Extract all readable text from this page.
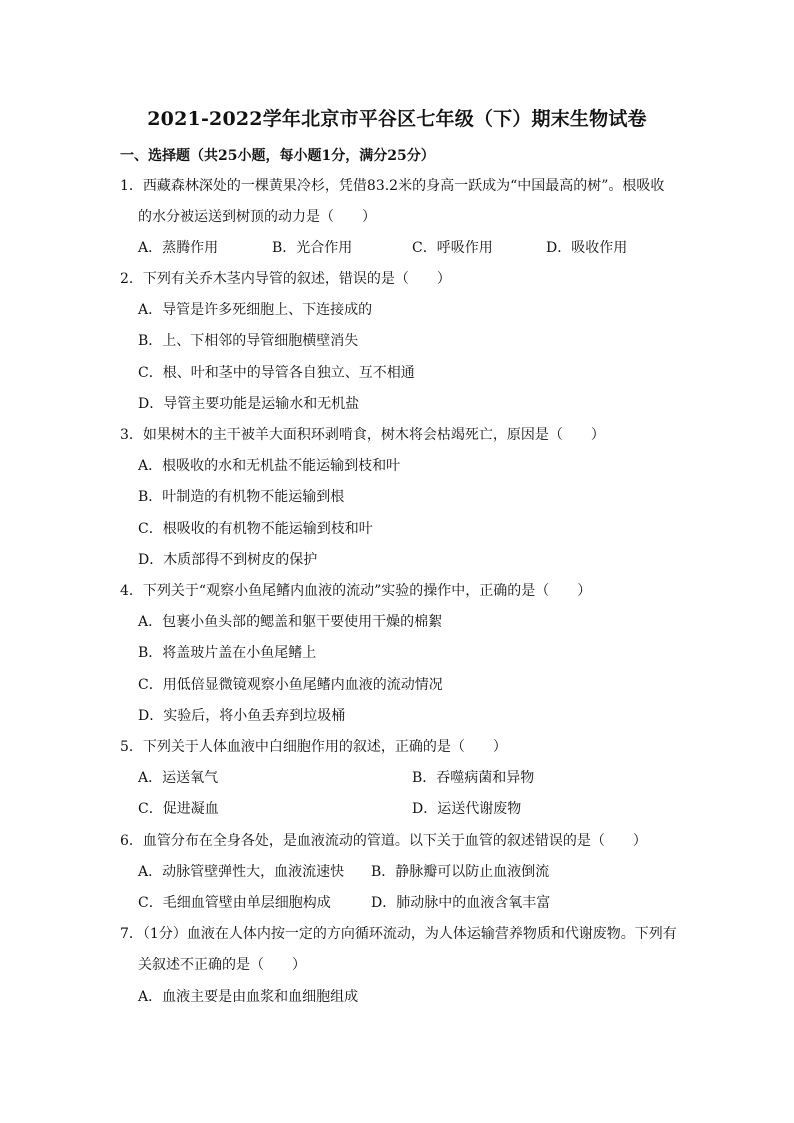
2021-2022学年北京市平谷区七年级（下）期末生物试卷
一、选择题（共25小题，每小题1分，满分25分）
1．西藏森林深处的一棵黄果冷杉，凭借83.2米的身高一跃成为“中国最高的树”。根吸收
的水分被运送到树顶的动力是（　　）
A．蒸腾作用	B．光合作用	C．呼吸作用	D．吸收作用
2．下列有关乔木茎内导管的叙述，错误的是（　　）
A．导管是许多死细胞上、下连接成的
B．上、下相邻的导管细胞横壁消失
C．根、叶和茎中的导管各自独立、互不相通
D．导管主要功能是运输水和无机盐
3．如果树木的主干被羊大面积环剥啃食，树木将会枯竭死亡，原因是（　　）
A．根吸收的水和无机盐不能运输到枝和叶
B．叶制造的有机物不能运输到根
C．根吸收的有机物不能运输到枝和叶
D．木质部得不到树皮的保护
4．下列关于“观察小鱼尾鳍内血液的流动”实验的操作中，正确的是（　　）
A．包裹小鱼头部的鳃盖和躯干要使用干燥的棉絮
B．将盖玻片盖在小鱼尾鳍上
C．用低倍显微镜观察小鱼尾鳍内血液的流动情况
D．实验后，将小鱼丢弃到垃圾桶
5．下列关于人体血液中白细胞作用的叙述，正确的是（　　）
A．运送氧气	B．吞噬病菌和异物
C．促进凝血	D．运送代谢废物
6．血管分布在全身各处，是血液流动的管道。以下关于血管的叙述错误的是（　　）
A．动脉管壁弹性大，血液流速快 B．静脉瓣可以防止血液倒流
C．毛细血管壁由单层细胞构成	D．肺动脉中的血液含氧丰富
7．（1分）血液在人体内按一定的方向循环流动，为人体运输营养物质和代谢废物。下列有
关叙述不正确的是（　　）
A．血液主要是由血浆和血细胞组成
